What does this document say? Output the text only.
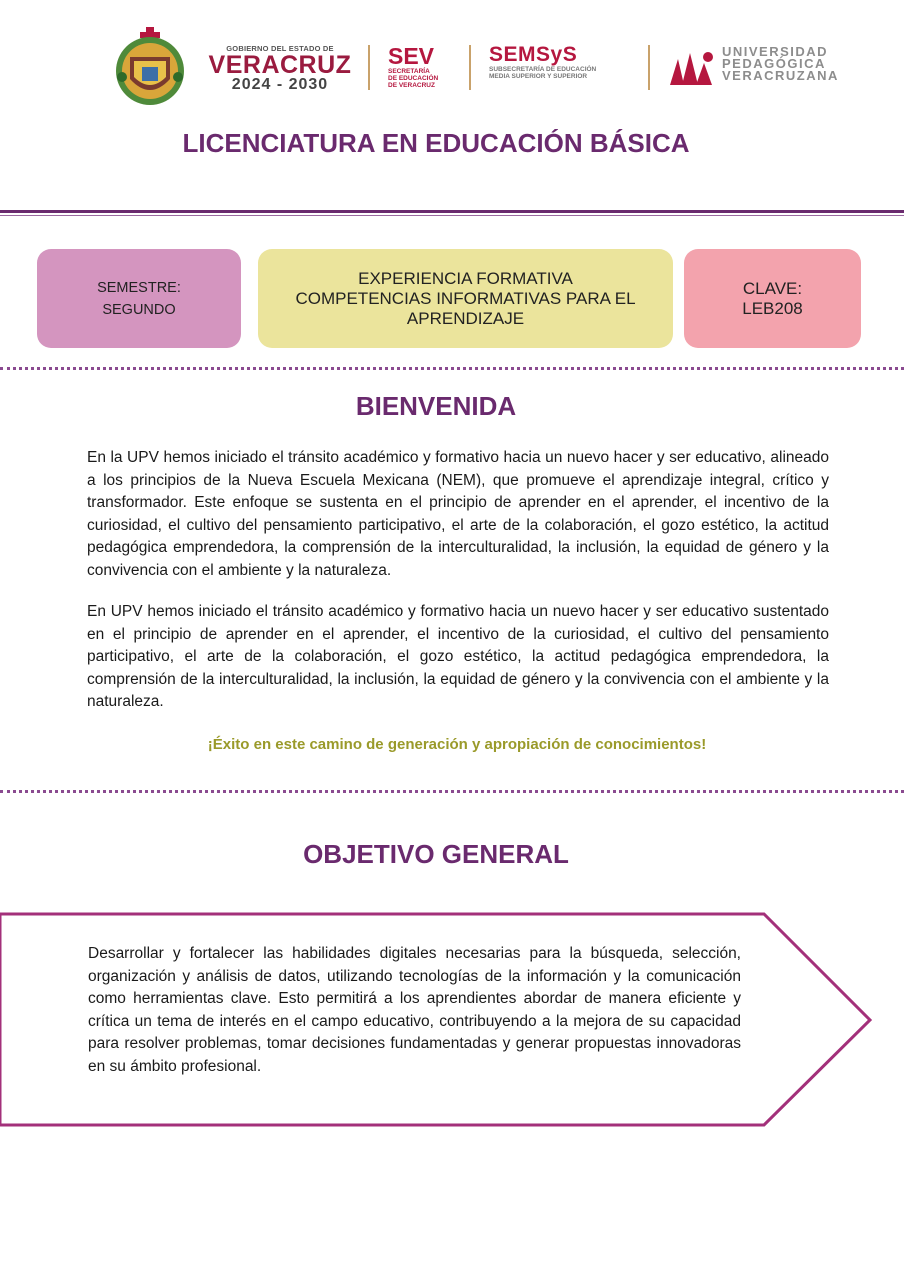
GOBIERNO DEL ESTADO DE
VERACRUZ
2024 - 2030
SEV
SECRETARÍA
DE EDUCACIÓN
DE VERACRUZ
SEMSyS
SUBSECRETARÍA DE EDUCACIÓN
MEDIA SUPERIOR Y SUPERIOR
UNIVERSIDAD
PEDAGÓGICA
VERACRUZANA
LICENCIATURA EN EDUCACIÓN BÁSICA
SEMESTRE:
SEGUNDO
EXPERIENCIA FORMATIVA
COMPETENCIAS INFORMATIVAS PARA EL
APRENDIZAJE
CLAVE:
LEB208
BIENVENIDA

En la UPV hemos iniciado el tránsito académico y formativo hacia un nuevo hacer y ser educativo, alineado a los principios de la Nueva Escuela Mexicana (NEM), que promueve el aprendizaje integral, crítico y transformador. Este enfoque se sustenta en el principio de aprender en el aprender, el incentivo de la curiosidad, el cultivo del pensamiento participativo, el arte de la colaboración, el gozo estético, la actitud pedagógica emprendedora, la comprensión de la interculturalidad, la inclusión, la equidad de género y la convivencia con el ambiente y la naturaleza.

En UPV hemos iniciado el tránsito académico y formativo hacia un nuevo hacer y ser educativo sustentado en el principio de aprender en el aprender, el incentivo de la curiosidad, el cultivo del pensamiento participativo, el arte de la colaboración, el gozo estético, la actitud pedagógica emprendedora, la comprensión de la interculturalidad, la inclusión, la equidad de género y la convivencia con el ambiente y la naturaleza.

¡Éxito en este camino de generación y apropiación de conocimientos!
OBJETIVO GENERAL

Desarrollar y fortalecer las habilidades digitales necesarias para la búsqueda, selección, organización y análisis de datos, utilizando tecnologías de la información y la comunicación como herramientas clave. Esto permitirá a los aprendientes abordar de manera eficiente y crítica un tema de interés en el campo educativo, contribuyendo a la mejora de su capacidad para resolver problemas, tomar decisiones fundamentadas y generar propuestas innovadoras en su ámbito profesional.
